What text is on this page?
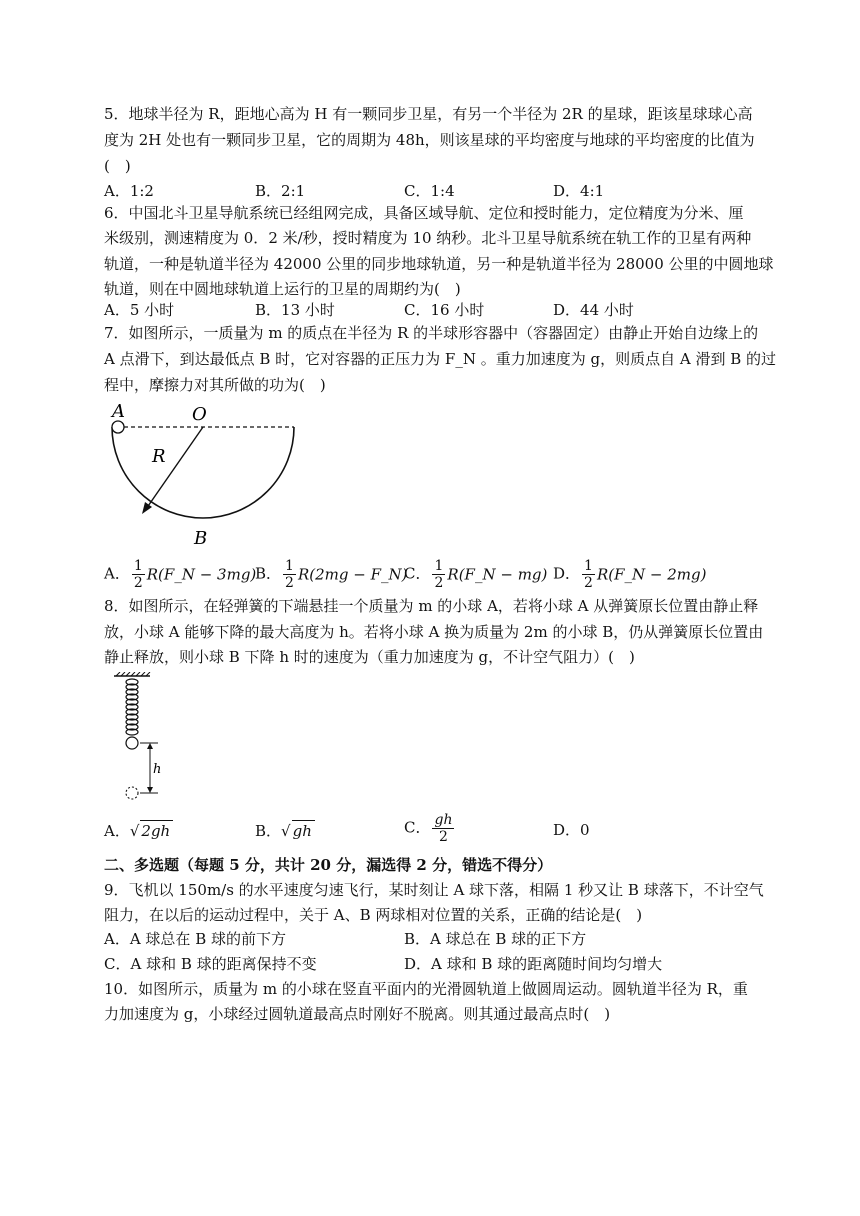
5．地球半径为 R，距地心高为 H 有一颗同步卫星，有另一个半径为 2R 的星球，距该星球球心高
度为 2H 处也有一颗同步卫星，它的周期为 48h，则该星球的平均密度与地球的平均密度的比值为
(　)
A．1:2	B．2:1	C．1:4	D．4:1
6．中国北斗卫星导航系统已经组网完成，具备区域导航、定位和授时能力，定位精度为分米、厘
米级别，测速精度为 0．2 米/秒，授时精度为 10 纳秒。北斗卫星导航系统在轨工作的卫星有两种
轨道，一种是轨道半径为 42000 公里的同步地球轨道，另一种是轨道半径为 28000 公里的中圆地球
轨道，则在中圆地球轨道上运行的卫星的周期约为(　)
A．5 小时	B．13 小时	C．16 小时	D．44 小时
7．如图所示，一质量为 m 的质点在半径为 R 的半球形容器中（容器固定）由静止开始自边缘上的
A 点滑下，到达最低点 B 时，它对容器的正压力为 F_N 。重力加速度为 g，则质点自 A 滑到 B 的过
程中，摩擦力对其所做的功为(　)
A	O
R
B
A． $\frac{1}{2}$ R(F_N − 3mg)
B． $\frac{1}{2} R(2mg$ − F_N)
C． $\frac{1}{2}$ R(F_N − mg) D． $\frac{1}{2}$ R(F_N − 2mg)
8．如图所示，在轻弹簧的下端悬挂一个质量为 m 的小球 A，若将小球 A 从弹簧原长位置由静止释
放，小球 A 能够下降的最大高度为 h。若将小球 A 换为质量为 2m 的小球 B，仍从弹簧原长位置由
静止释放，则小球 B 下降 h 时的速度为（重力加速度为 g，不计空气阻力）(　)
h
A．√ 2gh	B．√ gh	C． $\frac{gh}{2}$	D．0
二、多选题（每题 5 分，共计 20 分，漏选得 2 分，错选不得分）
9．飞机以 150m/s 的水平速度匀速飞行，某时刻让 A 球下落，相隔 1 秒又让 B 球落下，不计空气
阻力，在以后的运动过程中，关于 A、B 两球相对位置的关系，正确的结论是(　)
A．A 球总在 B 球的前下方	B．A 球总在 B 球的正下方
C．A 球和 B 球的距离保持不变	D．A 球和 B 球的距离随时间均匀增大
10．如图所示，质量为 m 的小球在竖直平面内的光滑圆轨道上做圆周运动。圆轨道半径为 R，重
力加速度为 g，小球经过圆轨道最高点时刚好不脱离。则其通过最高点时(　)
